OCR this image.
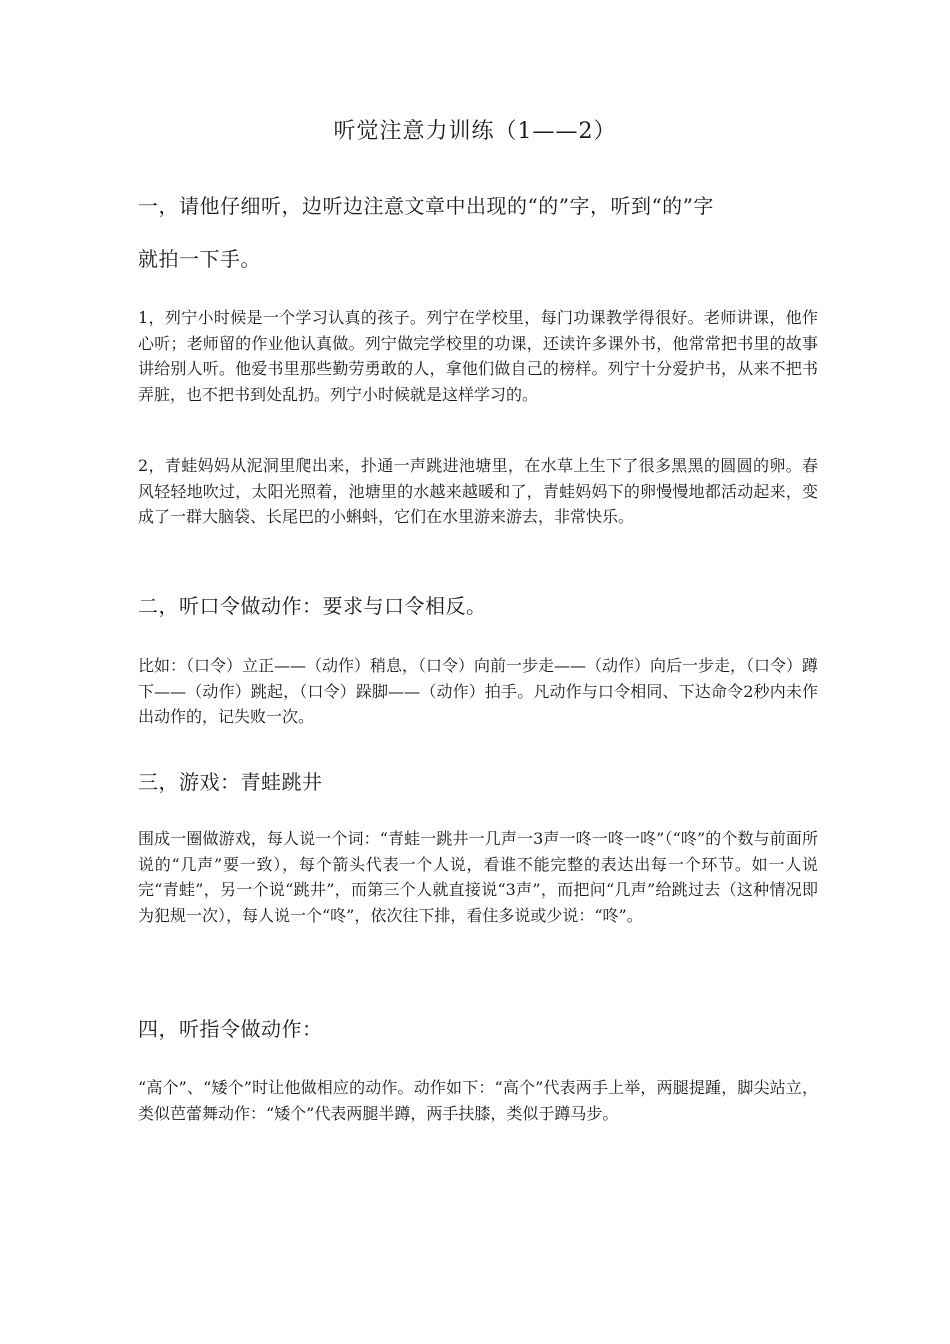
听觉注意力训练（1——2）
一，请他仔细听，边听边注意文章中出现的“的”字，听到“的”字
就拍一下手。

1，列宁小时候是一个学习认真的孩子。列宁在学校里，每门功课教学得很好。老师讲课，他作心听；老师留的作业他认真做。列宁做完学校里的功课，还读许多课外书，他常常把书里的故事讲给别人听。他爱书里那些勤劳勇敢的人，拿他们做自己的榜样。列宁十分爱护书，从来不把书弄脏，也不把书到处乱扔。列宁小时候就是这样学习的。

2，青蛙妈妈从泥洞里爬出来，扑通一声跳进池塘里，在水草上生下了很多黑黑的圆圆的卵。春风轻轻地吹过，太阳光照着，池塘里的水越来越暖和了，青蛙妈妈下的卵慢慢地都活动起来，变成了一群大脑袋、长尾巴的小蝌蚪，它们在水里游来游去，非常快乐。

二，听口令做动作：要求与口令相反。

比如：（口令）立正——（动作）稍息，（口令）向前一步走——（动作）向后一步走，（口令）蹲下——（动作）跳起，（口令）跺脚——（动作）拍手。凡动作与口令相同、下达命令2秒内未作出动作的，记失败一次。

三，游戏：青蛙跳井

围成一圈做游戏，每人说一个词：“青蛙一跳井一几声一3声一咚一咚一咚”（“咚”的个数与前面所说的“几声”要一致），每个箭头代表一个人说，看谁不能完整的表达出每一个环节。如一人说完“青蛙”，另一个说“跳井”，而第三个人就直接说“3声”，而把问“几声”给跳过去（这种情况即为犯规一次），每人说一个“咚”，依次往下排，看住多说或少说：“咚”。

四，听指令做动作：

“高个”、“矮个”时让他做相应的动作。动作如下：“高个”代表两手上举，两腿提踵，脚尖站立，类似芭蕾舞动作：“矮个”代表两腿半蹲，两手扶膝，类似于蹲马步。
